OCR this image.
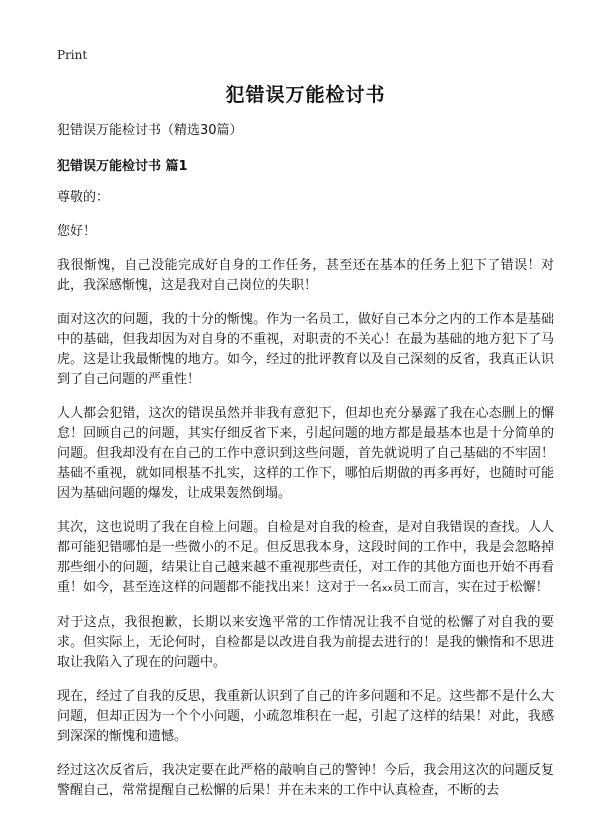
Print
犯错误万能检讨书

犯错误万能检讨书（精选30篇）

犯错误万能检讨书 篇1

尊敬的：

您好！

我很惭愧，自己没能完成好自身的工作任务，甚至还在基本的任务上犯下了错误！对此，我深感惭愧，这是我对自己岗位的失职！

面对这次的问题，我的十分的惭愧。作为一名员工，做好自己本分之内的工作本是基础中的基础，但我却因为对自身的不重视，对职责的不关心！在最为基础的地方犯下了马虎。这是让我最惭愧的地方。如今，经过的批评教育以及自己深刻的反省，我真正认识到了自己问题的严重性！

人人都会犯错，这次的错误虽然并非我有意犯下，但却也充分暴露了我在心态删上的懈怠！回顾自己的问题，其实仔细反省下来，引起问题的地方都是最基本也是十分简单的问题。但我却没有在自己的工作中意识到这些问题，首先就说明了自己基础的不牢固！基础不重视，就如同根基不扎实，这样的工作下，哪怕后期做的再多再好，也随时可能因为基础问题的爆发，让成果轰然倒塌。

其次，这也说明了我在自检上问题。自检是对自我的检查，是对自我错误的查找。人人都可能犯错哪怕是一些微小的不足。但反思我本身，这段时间的工作中，我是会忽略掉那些细小的问题，结果让自己越来越不重视那些责任，对工作的其他方面也开始不再看重！如今，甚至连这样的问题都不能找出来！这对于一名xx员工而言，实在过于松懈！

对于这点，我很抱歉，长期以来安逸平常的工作情况让我不自觉的松懈了对自我的要求。但实际上，无论何时，自检都是以改进自我为前提去进行的！是我的懒惰和不思进取让我陷入了现在的问题中。

现在，经过了自我的反思，我重新认识到了自己的许多问题和不足。这些都不是什么大问题，但却正因为一个个小问题，小疏忽堆积在一起，引起了这样的结果！对此，我感到深深的惭愧和遗憾。

经过这次反省后，我决定要在此严格的敲响自己的警钟！今后，我会用这次的问题反复警醒自己，常常提醒自己松懈的后果！并在未来的工作中认真检查，不断的去
